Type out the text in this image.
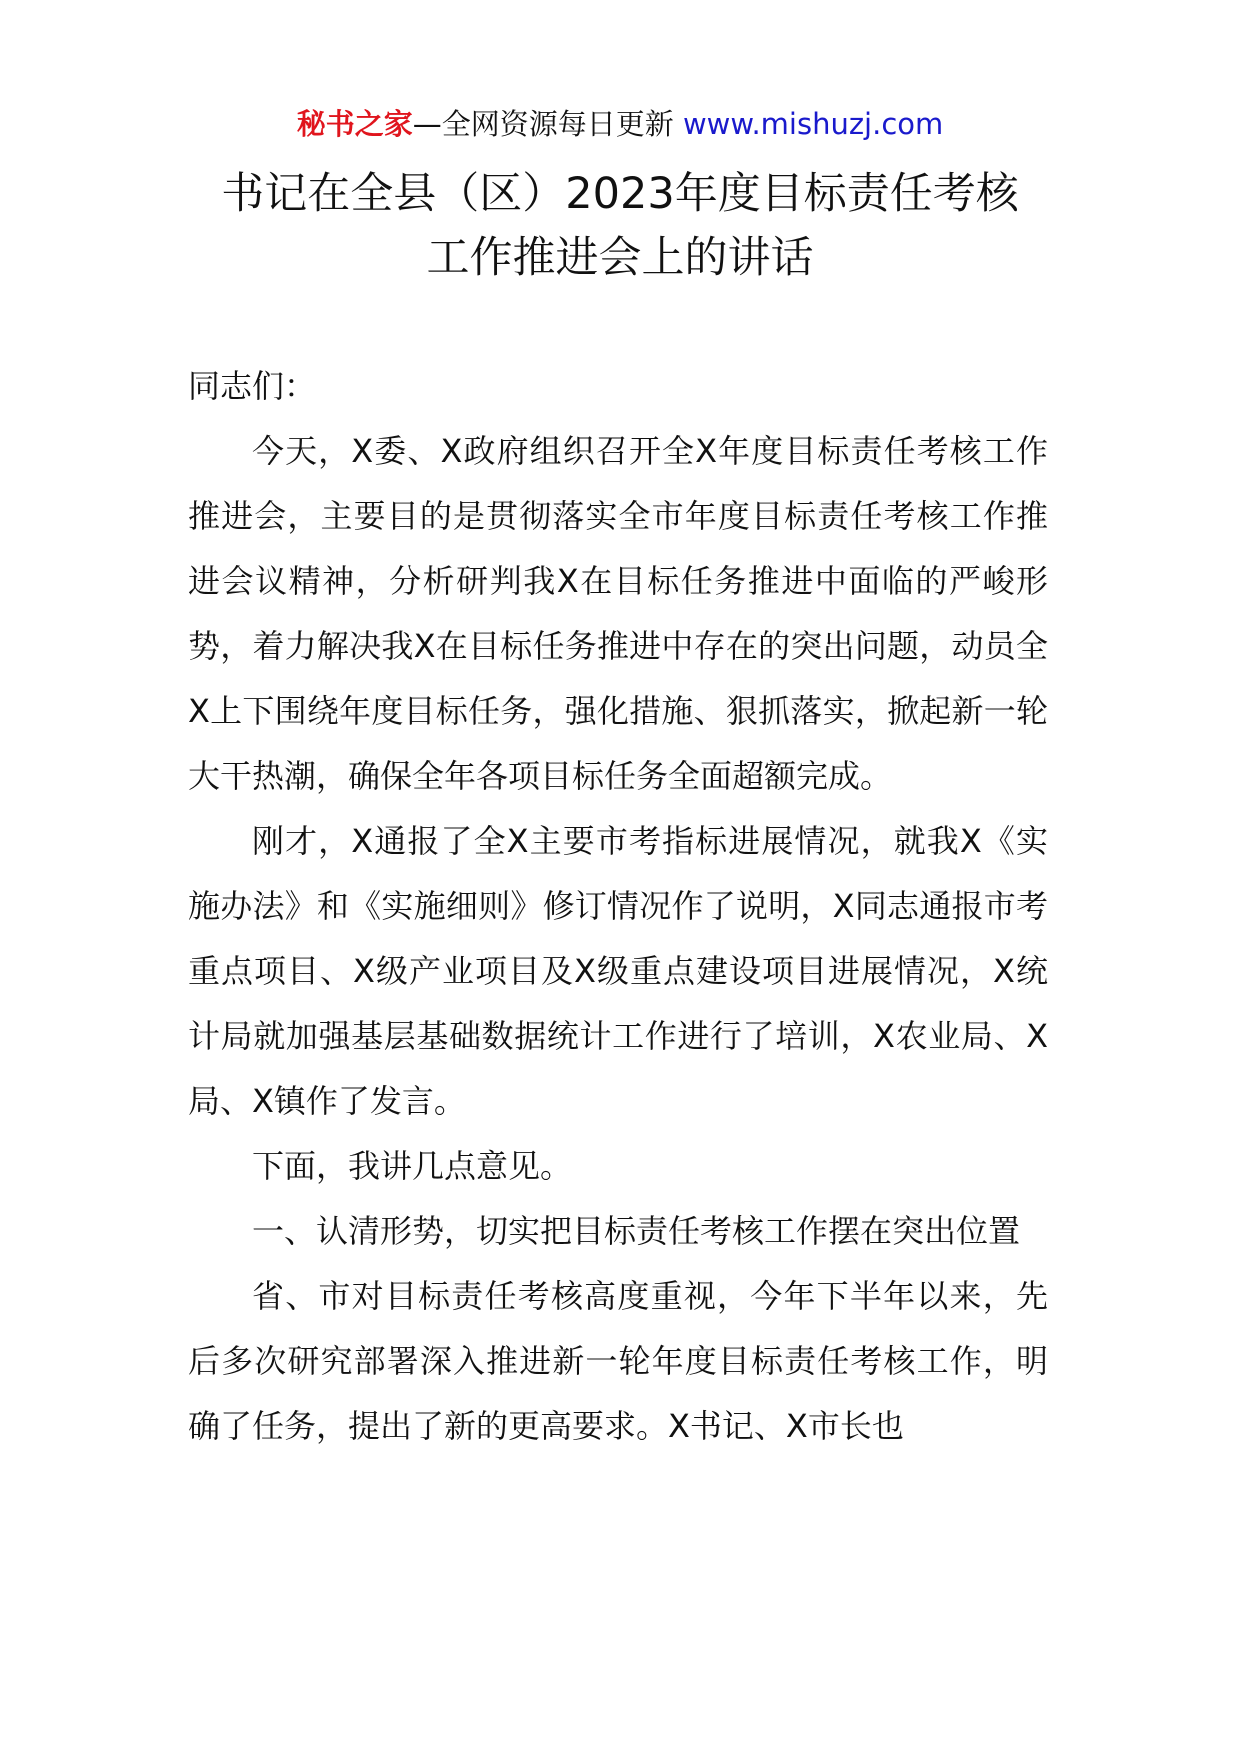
秘书之家—全网资源每日更新 www.mishuzj.com
书记在全县（区）2023年度目标责任考核
工作推进会上的讲话

同志们：

今天，X委、X政府组织召开全X年度目标责任考核工作推进会，主要目的是贯彻落实全市年度目标责任考核工作推进会议精神，分析研判我X在目标任务推进中面临的严峻形势，着力解决我X在目标任务推进中存在的突出问题，动员全X上下围绕年度目标任务，强化措施、狠抓落实，掀起新一轮大干热潮，确保全年各项目标任务全面超额完成。

刚才，X通报了全X主要市考指标进展情况，就我X《实施办法》和《实施细则》修订情况作了说明，X同志通报市考重点项目、X级产业项目及X级重点建设项目进展情况，X统计局就加强基层基础数据统计工作进行了培训，X农业局、X局、X镇作了发言。

下面，我讲几点意见。

一、认清形势，切实把目标责任考核工作摆在突出位置

省、市对目标责任考核高度重视，今年下半年以来，先后多次研究部署深入推进新一轮年度目标责任考核工作，明确了任务，提出了新的更高要求。X书记、X市长也
